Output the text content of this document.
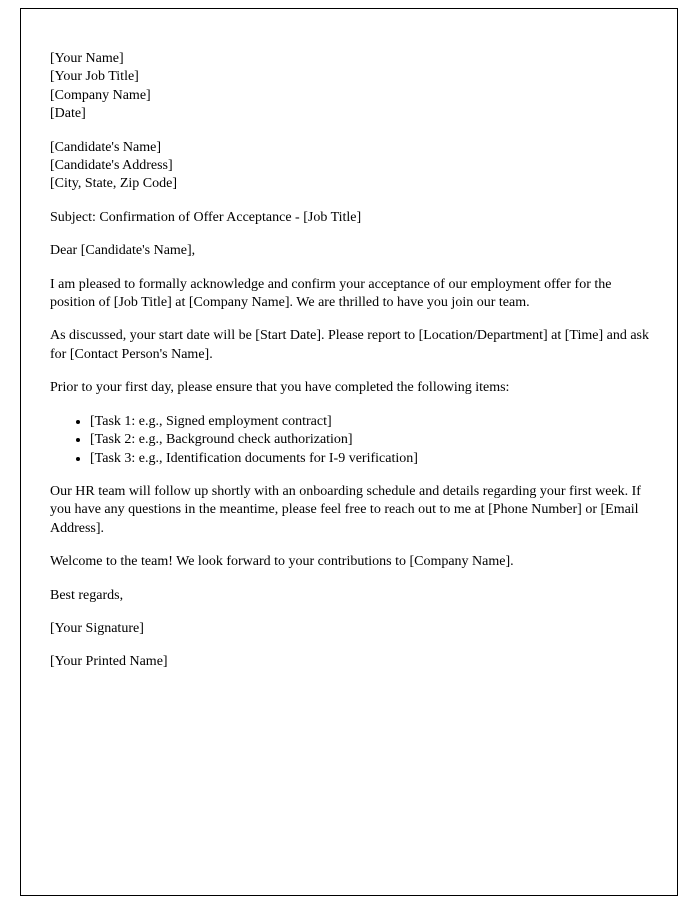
[Your Name]
[Your Job Title]
[Company Name]
[Date]
[Candidate's Name]
[Candidate's Address]
[City, State, Zip Code]

Subject: Confirmation of Offer Acceptance - [Job Title]

Dear [Candidate's Name],

I am pleased to formally acknowledge and confirm your acceptance of our employment offer for the position of [Job Title] at [Company Name]. We are thrilled to have you join our team.

As discussed, your start date will be [Start Date]. Please report to [Location/Department] at [Time] and ask for [Contact Person's Name].

Prior to your first day, please ensure that you have completed the following items:

• [Task 1: e.g., Signed employment contract]
• [Task 2: e.g., Background check authorization]
• [Task 3: e.g., Identification documents for I-9 verification]

Our HR team will follow up shortly with an onboarding schedule and details regarding your first week. If you have any questions in the meantime, please feel free to reach out to me at [Phone Number] or [Email Address].

Welcome to the team! We look forward to your contributions to [Company Name].

Best regards,

[Your Signature]

[Your Printed Name]
